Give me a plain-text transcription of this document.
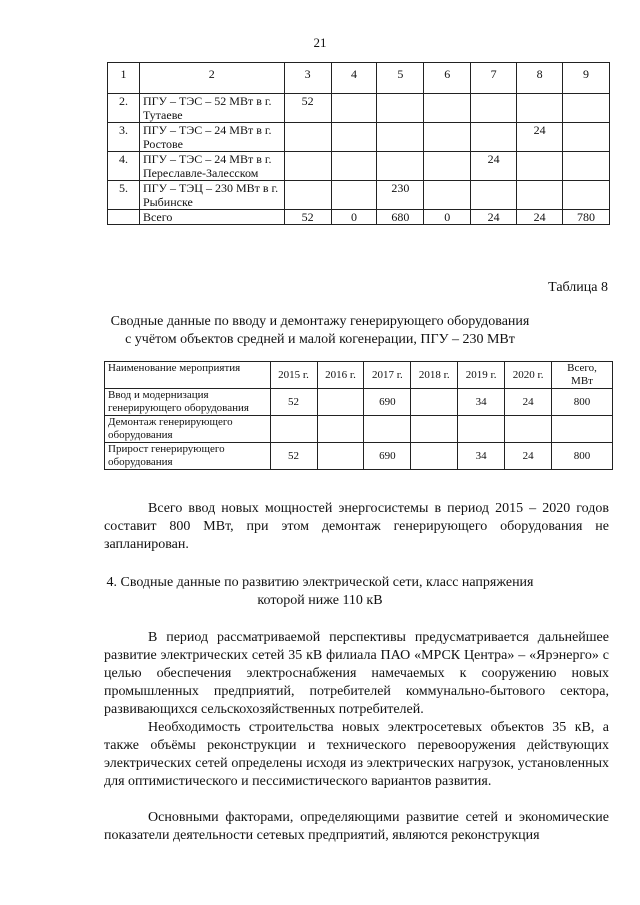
21
1	2	3	4	5	6	7	8	9
2.	ПГУ – ТЭС – 52 МВт в г. Тутаеве	52						
3.	ПГУ – ТЭС – 24 МВт в г. Ростове						24	
4.	ПГУ – ТЭС – 24 МВт в г. Переславле-Залесском					24		
5.	ПГУ – ТЭЦ – 230 МВт в г. Рыбинске			230				
	Всего	52	0	680	0	24	24	780
Таблица 8
Сводные данные по вводу и демонтажу генерирующего оборудования
с учётом объектов средней и малой когенерации, ПГУ – 230 МВт
Наименование мероприятия	2015 г.	2016 г.	2017 г.	2018 г.	2019 г.	2020 г.	Всего, МВт
Ввод и модернизация генерирующего оборудования	52		690		34	24	800
Демонтаж генерирующего оборудования							
Прирост генерирующего оборудования	52		690		34	24	800
Всего ввод новых мощностей энергосистемы в период 2015 – 2020 годов составит 800 МВт, при этом демонтаж генерирующего оборудования не запланирован.
4. Сводные данные по развитию электрической сети, класс напряжения
которой ниже 110 кВ
В период рассматриваемой перспективы предусматривается дальнейшее развитие электрических сетей 35 кВ филиала ПАО «МРСК Центра» – «Ярэнерго» с целью обеспечения электроснабжения намечаемых к сооружению новых промышленных предприятий, потребителей коммунально-бытового сектора, развивающихся сельскохозяйственных потребителей.
Необходимость строительства новых электросетевых объектов 35 кВ, а также объёмы реконструкции и технического перевооружения действующих электрических сетей определены исходя из электрических нагрузок, установленных для оптимистического и пессимистического вариантов развития.
Основными факторами, определяющими развитие сетей и экономические показатели деятельности сетевых предприятий, являются реконструкция
